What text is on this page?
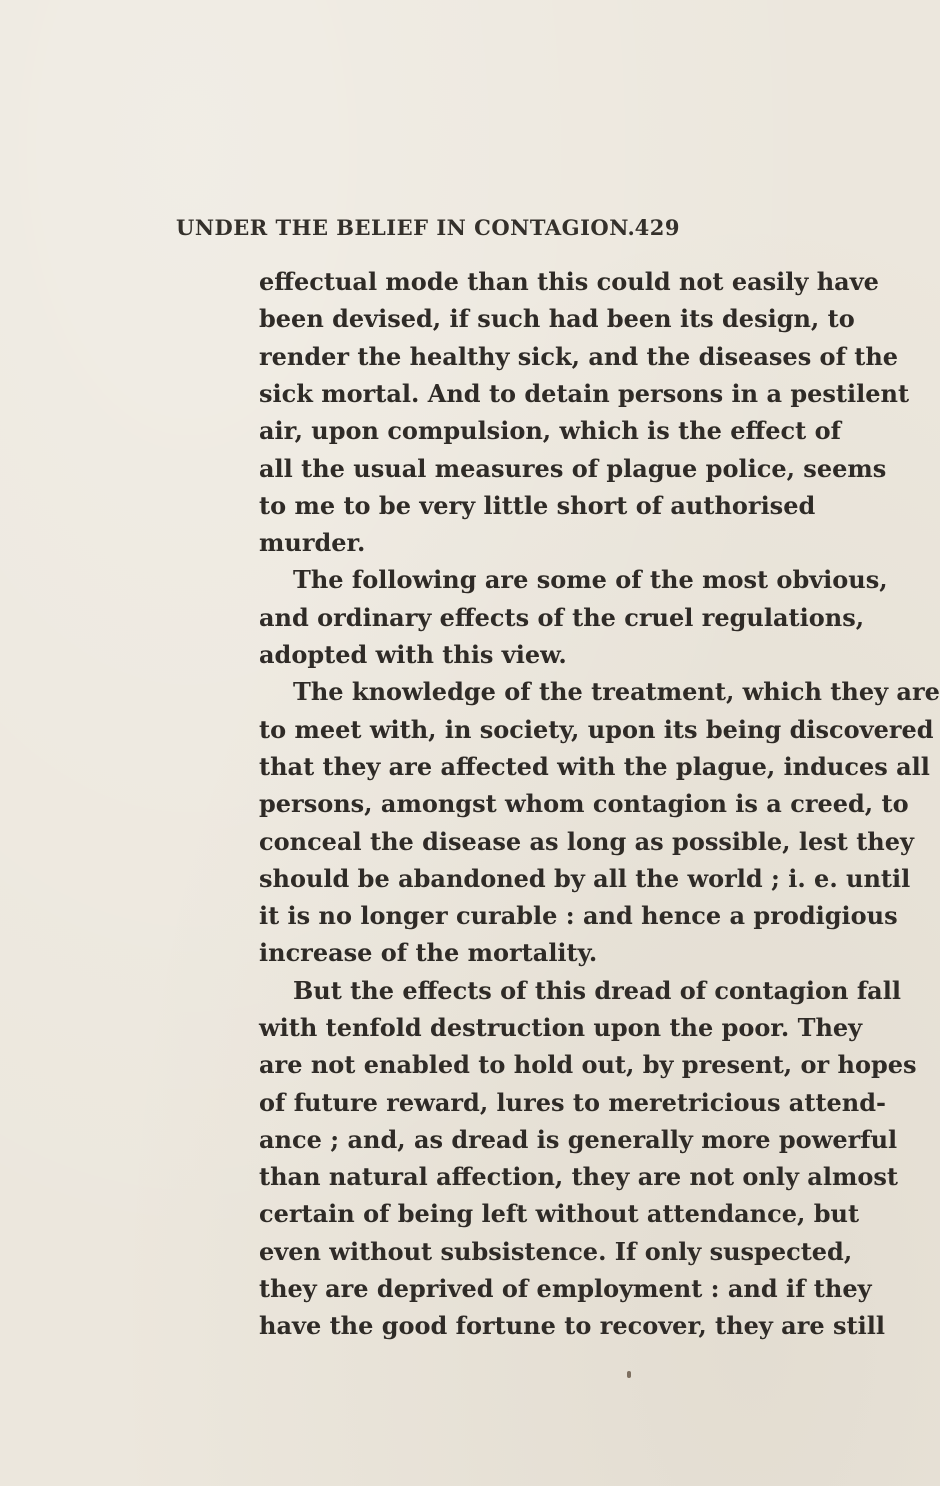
UNDER THE BELIEF IN CONTAGION. 429
effectual mode than this could not easily have
been devised, if such had been its design, to
render the healthy sick, and the diseases of the
sick mortal. And to detain persons in a pestilent
air, upon compulsion, which is the effect of
all the usual measures of plague police, seems
to me to be very little short of authorised
murder.
The following are some of the most obvious,
and ordinary effects of the cruel regulations,
adopted with this view.
The knowledge of the treatment, which they are
to meet with, in society, upon its being discovered
that they are affected with the plague, induces all
persons, amongst whom contagion is a creed, to
conceal the disease as long as possible, lest they
should be abandoned by all the world ; i. e. until
it is no longer curable : and hence a prodigious
increase of the mortality.
But the effects of this dread of contagion fall
with tenfold destruction upon the poor. They
are not enabled to hold out, by present, or hopes
of future reward, lures to meretricious attend-
ance ; and, as dread is generally more powerful
than natural affection, they are not only almost
certain of being left without attendance, but
even without subsistence. If only suspected,
they are deprived of employment : and if they
have the good fortune to recover, they are still
